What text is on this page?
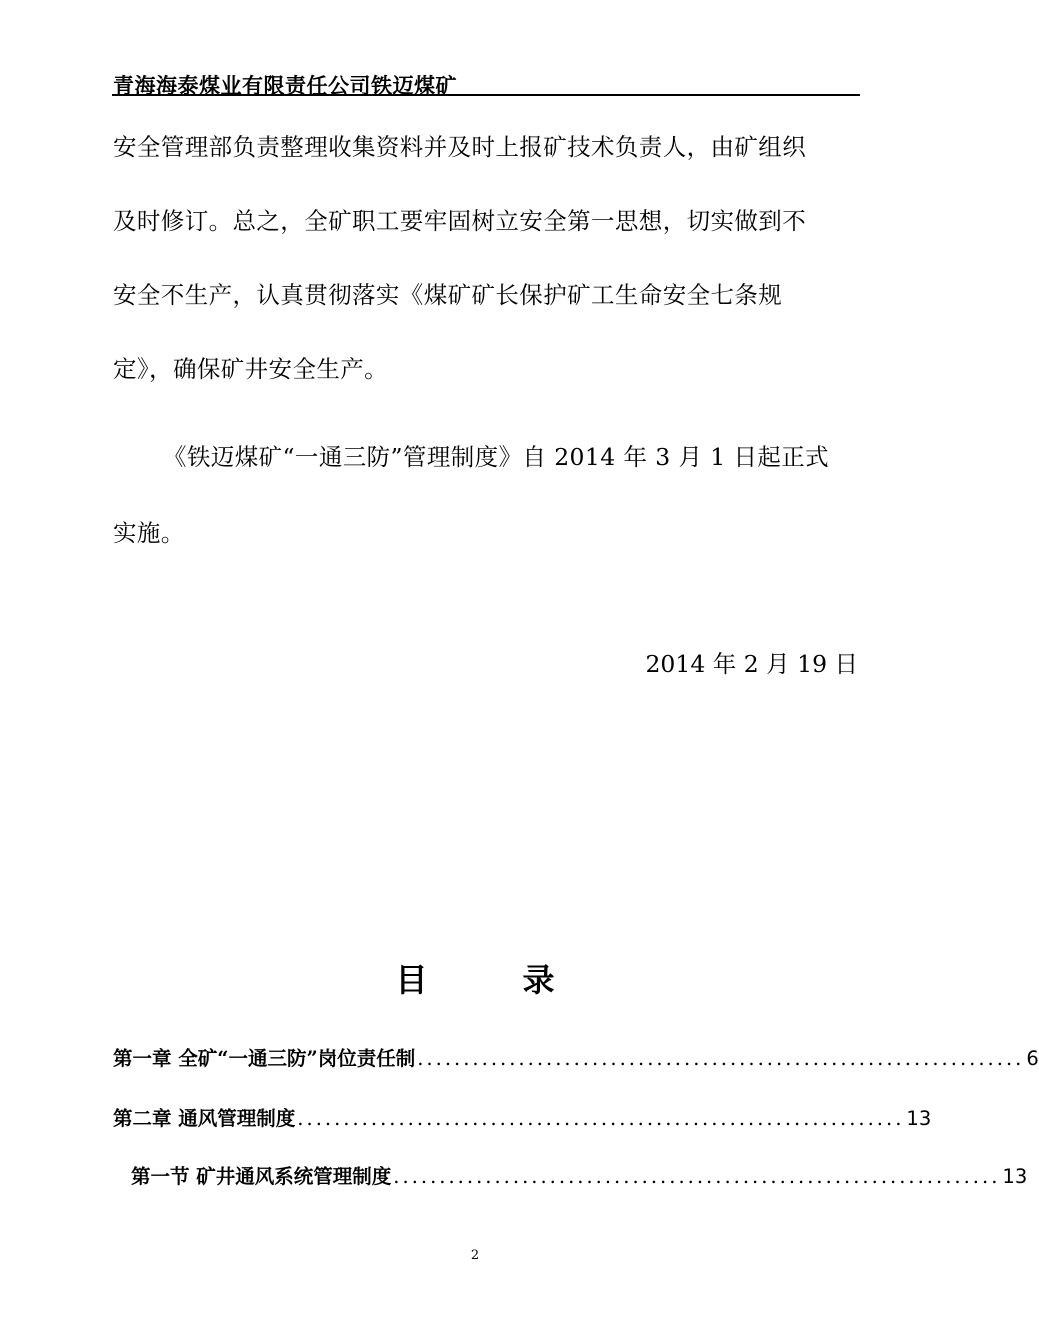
青海海泰煤业有限责任公司铁迈煤矿
安全管理部负责整理收集资料并及时上报矿技术负责人，由矿组织
及时修订。总之，全矿职工要牢固树立安全第一思想，切实做到不
安全不生产，认真贯彻落实《煤矿矿长保护矿工生命安全七条规
定》，确保矿井安全生产。
《铁迈煤矿“一通三防”管理制度》自 2014 年 3 月 1 日起正式
实施。
2014 年 2 月 19 日
目	录
第一章 全矿“一通三防”岗位责任制 .................................................................. 6
第二章 通风管理制度 .................................................................. 13
第一节 矿井通风系统管理制度 .................................................................. 13
2
